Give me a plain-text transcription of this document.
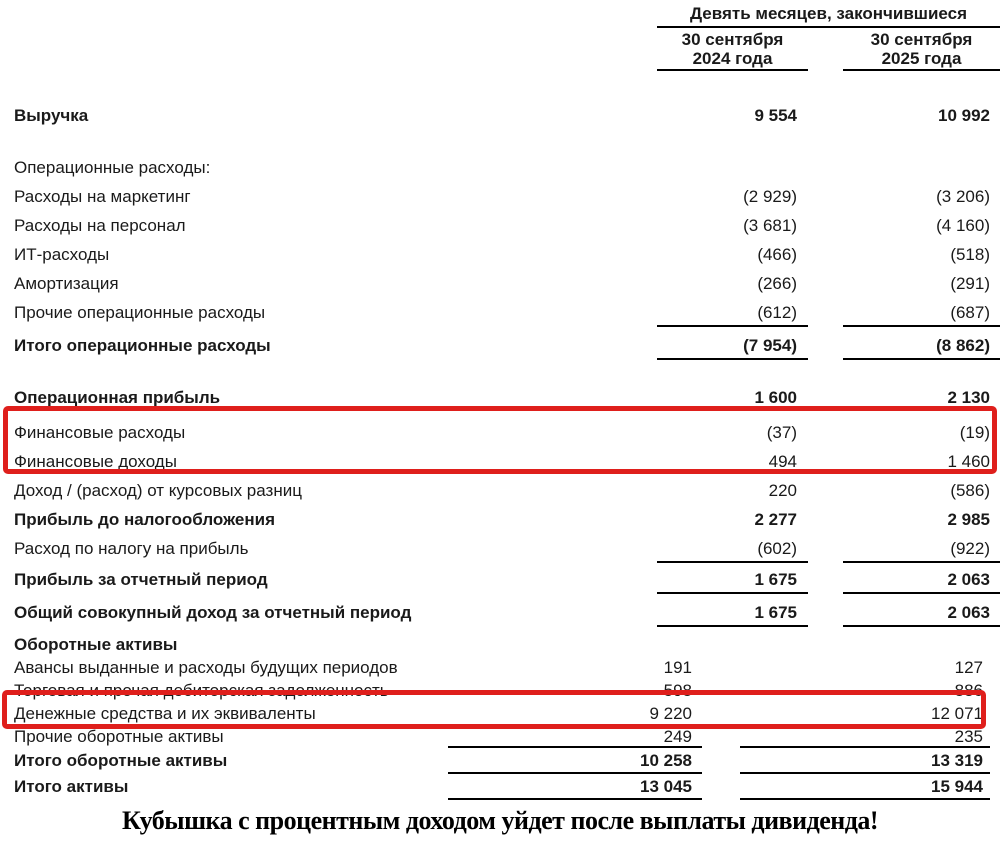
Девять месяцев, закончившиеся
30 сентября
2024 года
30 сентября
2025 года
Выручка	9 554	10 992
Операционные расходы:
Расходы на маркетинг	(2 929)	(3 206)
Расходы на персонал	(3 681)	(4 160)
ИТ-расходы	(466)	(518)
Амортизация	(266)	(291)
Прочие операционные расходы	(612)	(687)
Итого операционные расходы	(7 954)	(8 862)
Операционная прибыль	1 600	2 130
Финансовые расходы	(37)	(19)
Финансовые доходы	494	1 460
Доход / (расход) от курсовых разниц	220	(586)
Прибыль до налогообложения	2 277	2 985
Расход по налогу на прибыль	(602)	(922)
Прибыль за отчетный период	1 675	2 063
Общий совокупный доход за отчетный период	1 675	2 063
Оборотные активы
Авансы выданные и расходы будущих периодов	191	127
Торговая и прочая дебиторская задолженность	598	886
Денежные средства и их эквиваленты	9 220	12 071
Прочие оборотные активы	249	235
Итого оборотные активы	10 258	13 319
Итого активы	13 045	15 944
Кубышка с процентным доходом уйдет после выплаты дивиденда!
